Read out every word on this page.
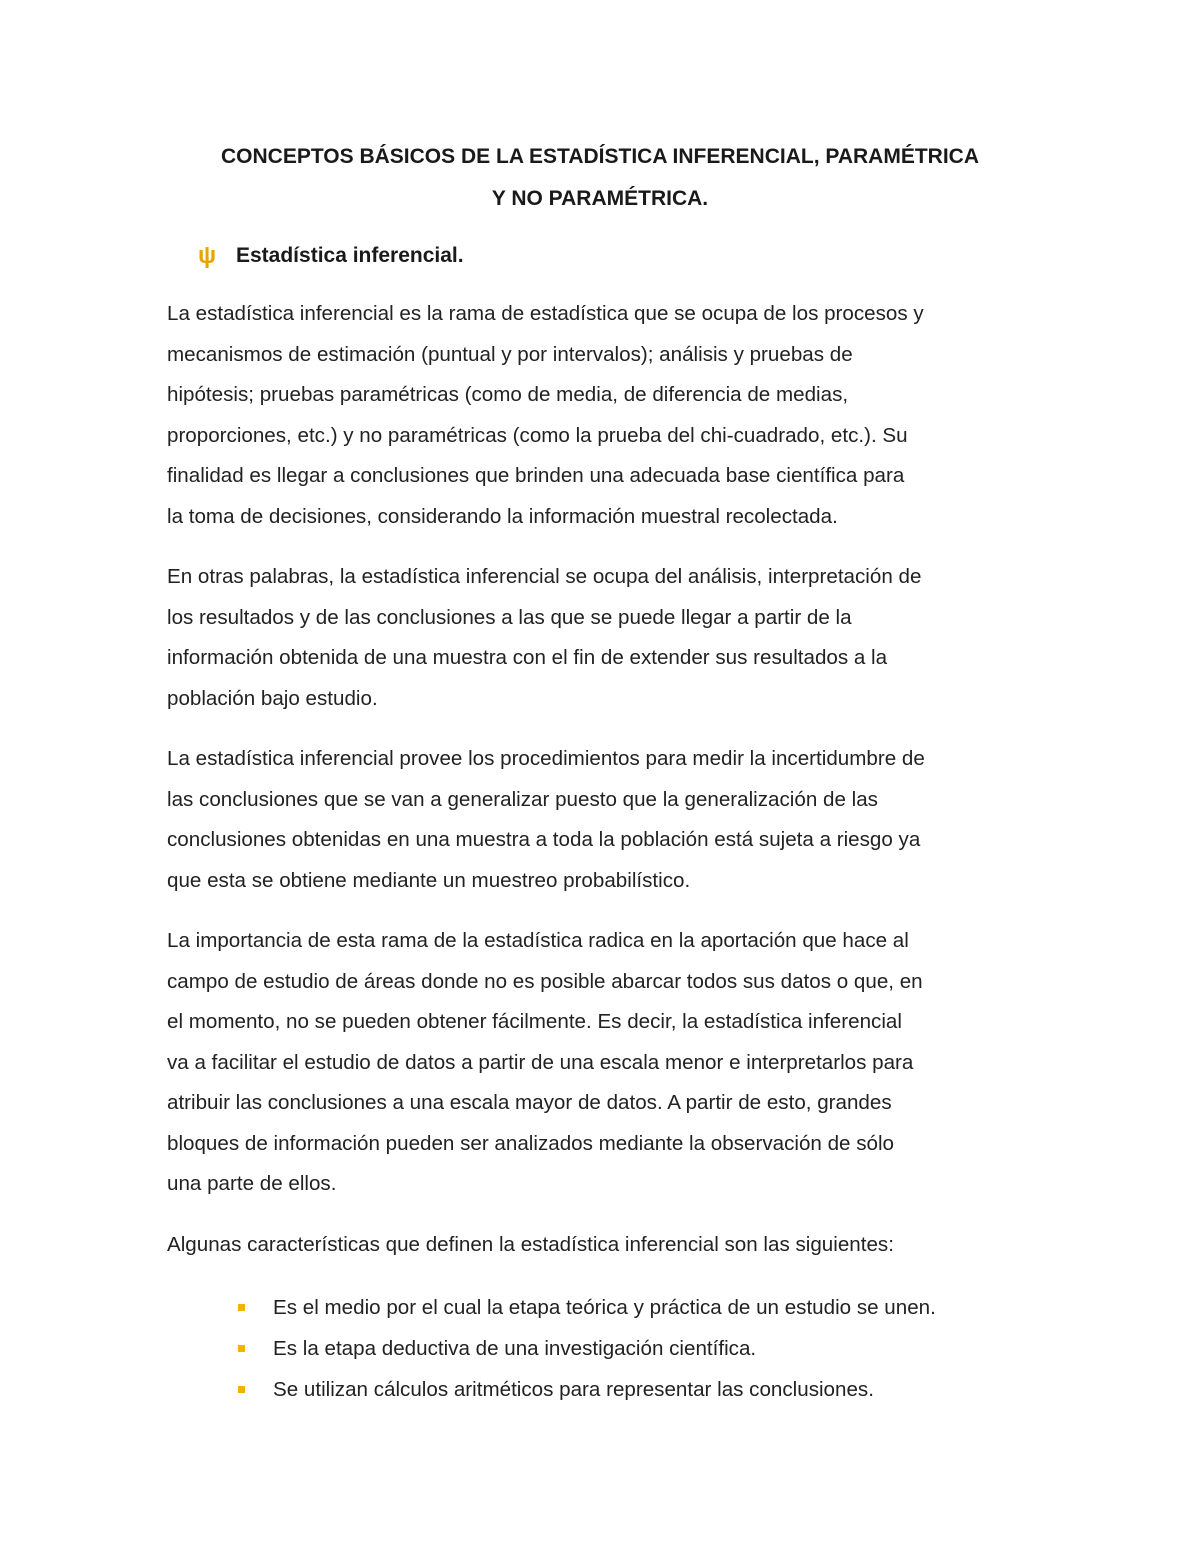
CONCEPTOS BÁSICOS DE LA ESTADÍSTICA INFERENCIAL, PARAMÉTRICA
Y NO PARAMÉTRICA.
ψ Estadística inferencial.
La estadística inferencial es la rama de estadística que se ocupa de los procesos y
mecanismos de estimación (puntual y por intervalos); análisis y pruebas de
hipótesis; pruebas paramétricas (como de media, de diferencia de medias,
proporciones, etc.) y no paramétricas (como la prueba del chi-cuadrado, etc.). Su
finalidad es llegar a conclusiones que brinden una adecuada base científica para
la toma de decisiones, considerando la información muestral recolectada.
En otras palabras, la estadística inferencial se ocupa del análisis, interpretación de
los resultados y de las conclusiones a las que se puede llegar a partir de la
información obtenida de una muestra con el fin de extender sus resultados a la
población bajo estudio.
La estadística inferencial provee los procedimientos para medir la incertidumbre de
las conclusiones que se van a generalizar puesto que la generalización de las
conclusiones obtenidas en una muestra a toda la población está sujeta a riesgo ya
que esta se obtiene mediante un muestreo probabilístico.
La importancia de esta rama de la estadística radica en la aportación que hace al
campo de estudio de áreas donde no es posible abarcar todos sus datos o que, en
el momento, no se pueden obtener fácilmente. Es decir, la estadística inferencial
va a facilitar el estudio de datos a partir de una escala menor e interpretarlos para
atribuir las conclusiones a una escala mayor de datos. A partir de esto, grandes
bloques de información pueden ser analizados mediante la observación de sólo
una parte de ellos.
Algunas características que definen la estadística inferencial son las siguientes:
Es el medio por el cual la etapa teórica y práctica de un estudio se unen.
Es la etapa deductiva de una investigación científica.
Se utilizan cálculos aritméticos para representar las conclusiones.
